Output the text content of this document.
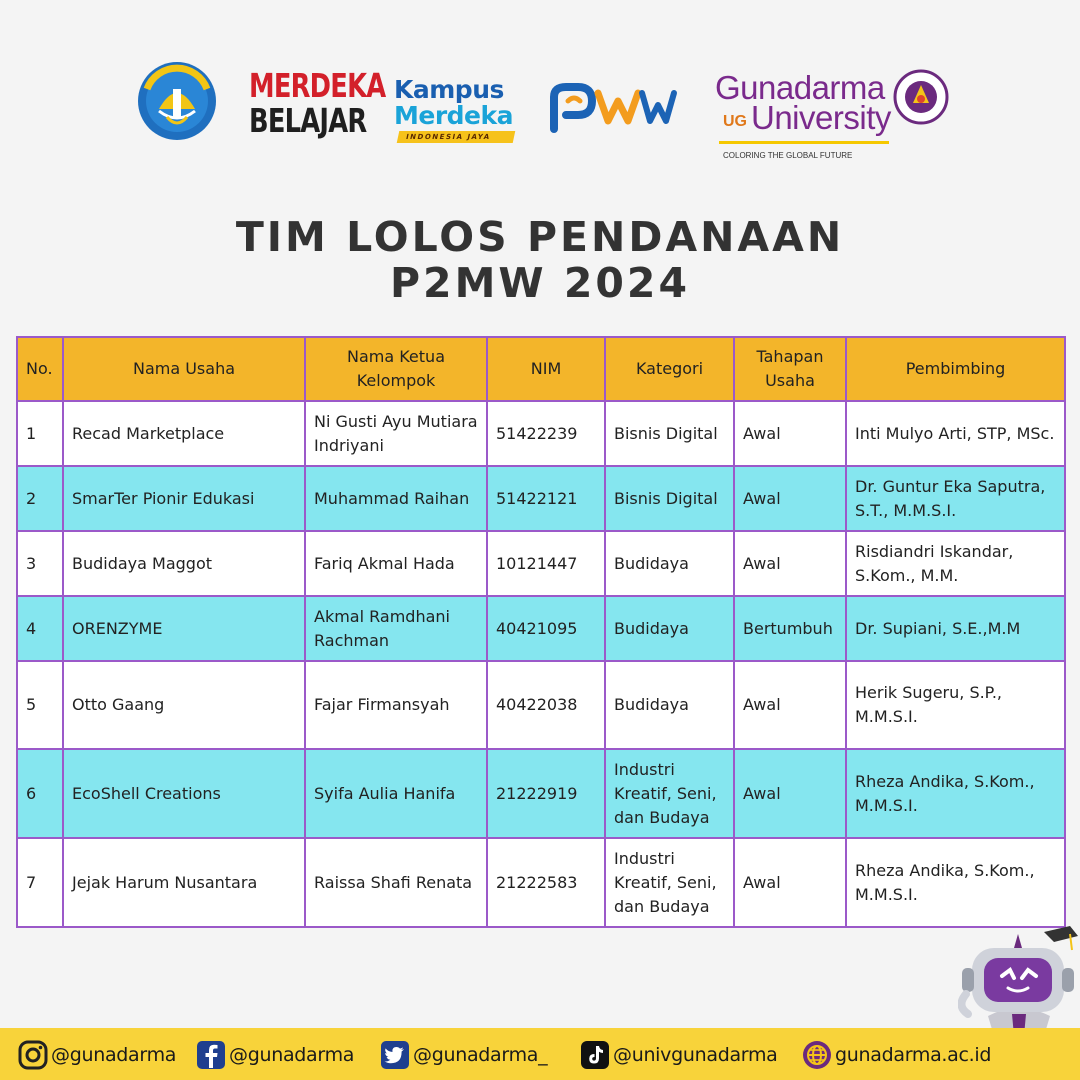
MERDEKA
BELAJAR
Kampus
Merdeka
INDONESIA JAYA
Gunadarma
UG University
COLORING THE GLOBAL FUTURE
TIM LOLOS PENDANAAN
P2MW 2024
No.	Nama Usaha	Nama Ketua Kelompok	NIM	Kategori	Tahapan Usaha	Pembimbing
1	Recad Marketplace	Ni Gusti Ayu Mutiara Indriyani	51422239	Bisnis Digital	Awal	Inti Mulyo Arti, STP, MSc.
2	SmarTer Pionir Edukasi	Muhammad Raihan	51422121	Bisnis Digital	Awal	Dr. Guntur Eka Saputra, S.T., M.M.S.I.
3	Budidaya Maggot	Fariq Akmal Hada	10121447	Budidaya	Awal	Risdiandri Iskandar, S.Kom., M.M.
4	ORENZYME	Akmal Ramdhani Rachman	40421095	Budidaya	Bertumbuh	Dr. Supiani, S.E.,M.M
5	Otto Gaang	Fajar Firmansyah	40422038	Budidaya	Awal	Herik Sugeru, S.P., M.M.S.I.
6	EcoShell Creations	Syifa Aulia Hanifa	21222919	Industri Kreatif, Seni, dan Budaya	Awal	Rheza Andika, S.Kom., M.M.S.I.
7	Jejak Harum Nusantara	Raissa Shafi Renata	21222583	Industri Kreatif, Seni, dan Budaya	Awal	Rheza Andika, S.Kom., M.M.S.I.
@gunadarma	@gunadarma	@gunadarma_	@univgunadarma	gunadarma.ac.id
